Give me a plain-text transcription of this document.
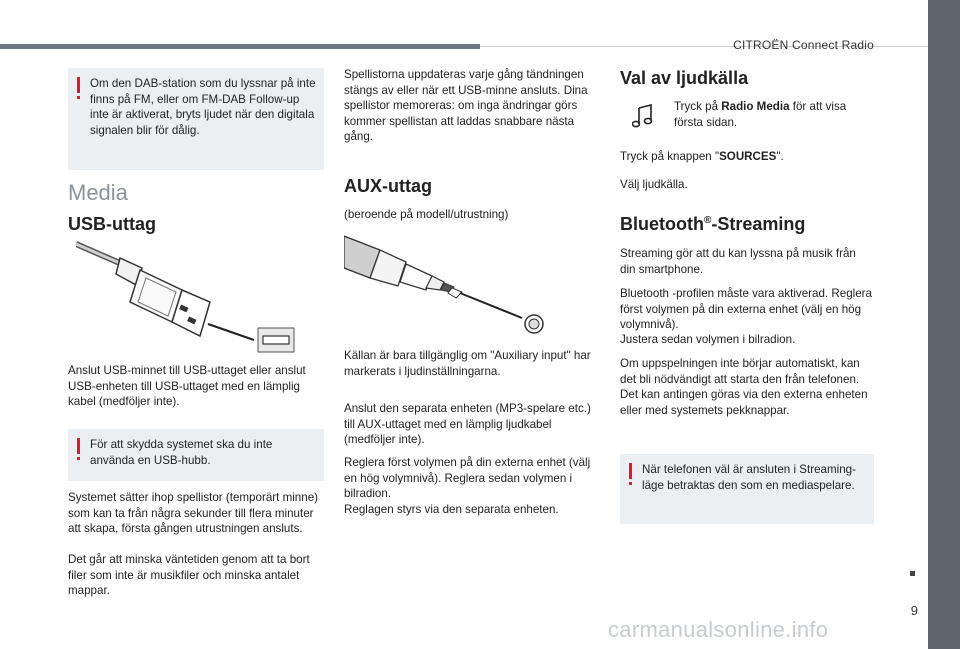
CITROËN Connect Radio
9
carmanualsonline.info
Om den DAB-station som du lyssnar på inte finns på FM, eller om FM-DAB Follow-up inte är aktiverat, bryts ljudet när den digitala signalen blir för dålig.
Media
USB-uttag

Anslut USB-minnet till USB-uttaget eller anslut USB-enheten till USB-uttaget med en lämplig kabel (medföljer inte).

För att skydda systemet ska du inte använda en USB-hubb.

Systemet sätter ihop spellistor (temporärt minne) som kan ta från några sekunder till flera minuter att skapa, första gången utrustningen ansluts.

Det går att minska väntetiden genom att ta bort filer som inte är musikfiler och minska antalet mappar.

Spellistorna uppdateras varje gång tändningen stängs av eller när ett USB-minne ansluts. Dina spellistor memoreras: om inga ändringar görs kommer spellistan att laddas snabbare nästa gång.

AUX-uttag

(beroende på modell/utrustning)

Källan är bara tillgänglig om "Auxiliary input" har markerats i ljudinställningarna.

Anslut den separata enheten (MP3-spelare etc.) till AUX-uttaget med en lämplig ljudkabel (medföljer inte).

Reglera först volymen på din externa enhet (välj en hög volymnivå). Reglera sedan volymen i bilradion.

Reglagen styrs via den separata enheten.

Val av ljudkälla

Tryck på Radio Media för att visa första sidan.

Tryck på knappen "SOURCES".

Välj ljudkälla.

Bluetooth®-Streaming

Streaming gör att du kan lyssna på musik från din smartphone.

Bluetooth -profilen måste vara aktiverad. Reglera först volymen på din externa enhet (välj en hög volymnivå).

Justera sedan volymen i bilradion.

Om uppspelningen inte börjar automatiskt, kan det bli nödvändigt att starta den från telefonen. Det kan antingen göras via den externa enheten eller med systemets pekknappar.

När telefonen väl är ansluten i Streaming-läge betraktas den som en mediaspelare.
